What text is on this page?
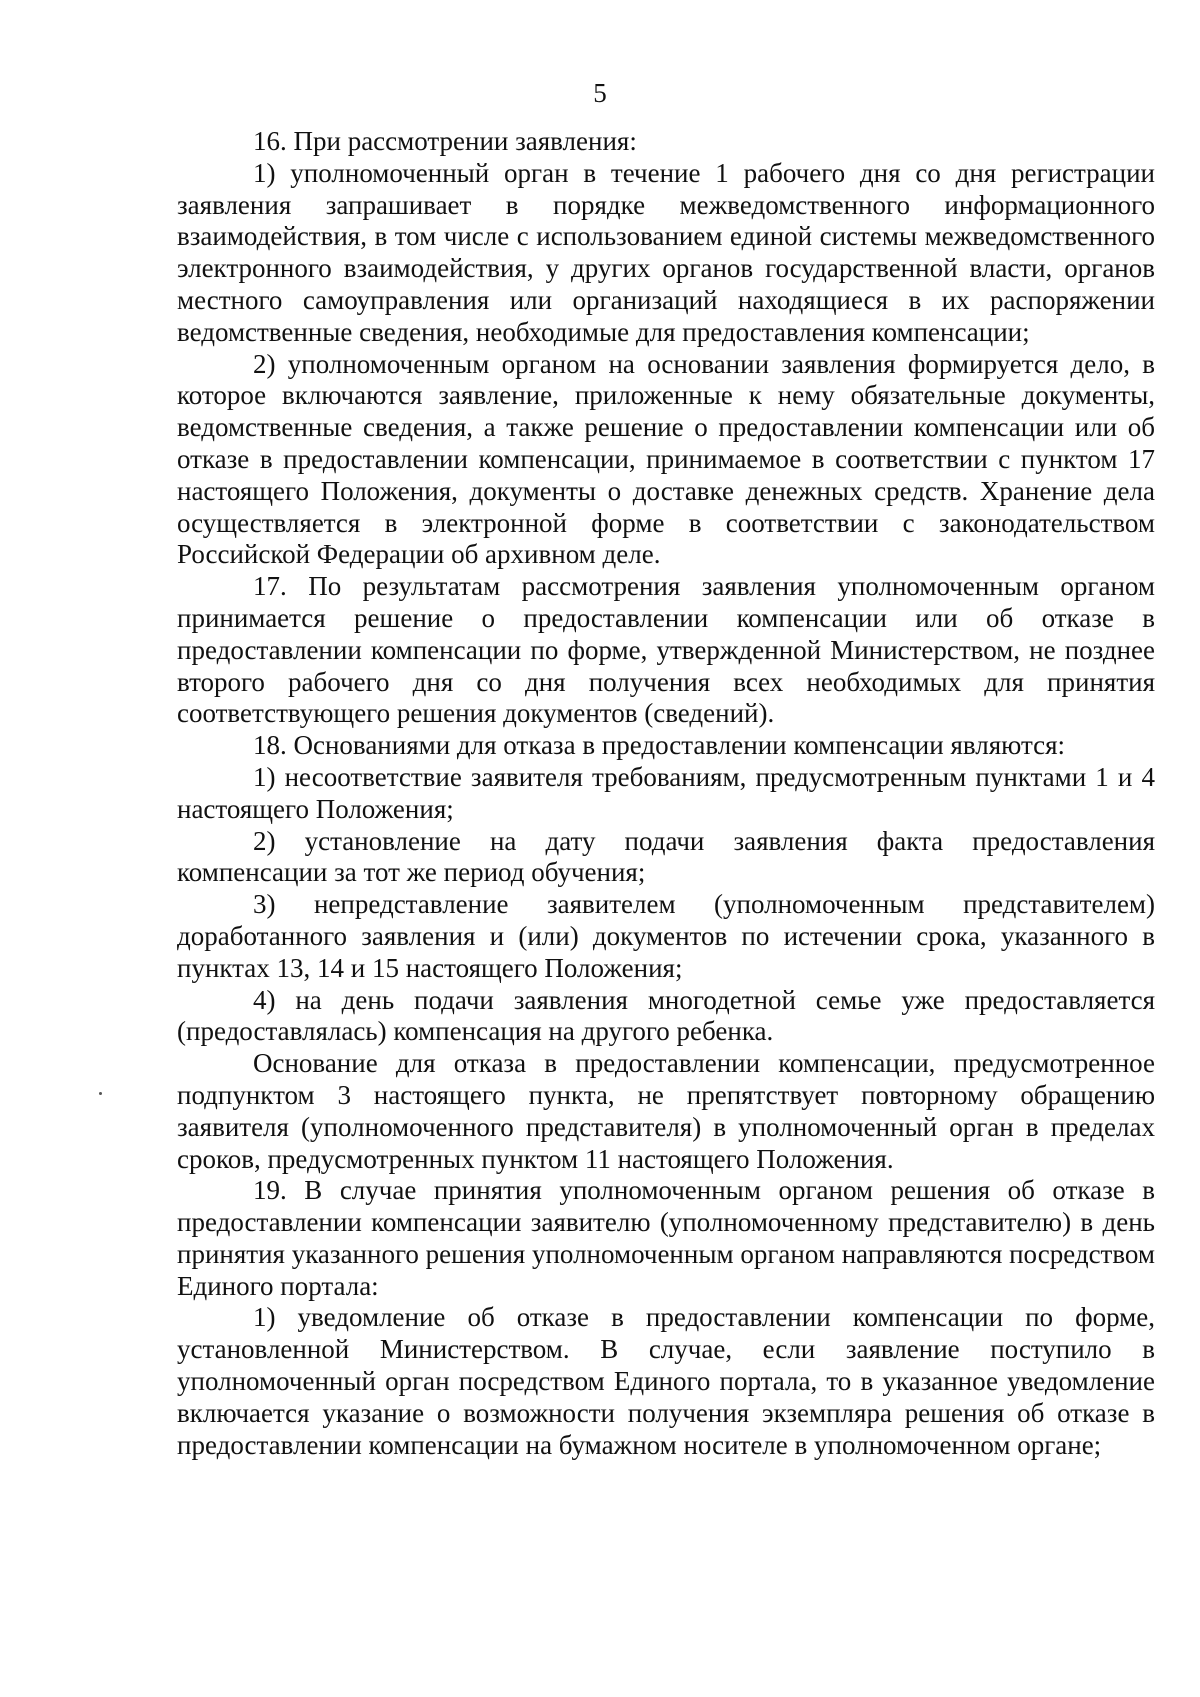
5

16. При рассмотрении заявления:

1) уполномоченный орган в течение 1 рабочего дня со дня регистрации заявления запрашивает в порядке межведомственного информационного взаимодействия, в том числе с использованием единой системы межведомственного электронного взаимодействия, у других органов государственной власти, органов местного самоуправления или организаций находящиеся в их распоряжении ведомственные сведения, необходимые для предоставления компенсации;

2) уполномоченным органом на основании заявления формируется дело, в которое включаются заявление, приложенные к нему обязательные документы, ведомственные сведения, а также решение о предоставлении компенсации или об отказе в предоставлении компенсации, принимаемое в соответствии с пунктом 17 настоящего Положения, документы о доставке денежных средств. Хранение дела осуществляется в электронной форме в соответствии с законодательством Российской Федерации об архивном деле.

17. По результатам рассмотрения заявления уполномоченным органом принимается решение о предоставлении компенсации или об отказе в предоставлении компенсации по форме, утвержденной Министерством, не позднее второго рабочего дня со дня получения всех необходимых для принятия соответствующего решения документов (сведений).

18. Основаниями для отказа в предоставлении компенсации являются:

1) несоответствие заявителя требованиям, предусмотренным пунктами 1 и 4 настоящего Положения;

2) установление на дату подачи заявления факта предоставления компенсации за тот же период обучения;

3) непредставление заявителем (уполномоченным представителем) доработанного заявления и (или) документов по истечении срока, указанного в пунктах 13, 14 и 15 настоящего Положения;

4) на день подачи заявления многодетной семье уже предоставляется (предоставлялась) компенсация на другого ребенка.

Основание для отказа в предоставлении компенсации, предусмотренное подпунктом 3 настоящего пункта, не препятствует повторному обращению заявителя (уполномоченного представителя) в уполномоченный орган в пределах сроков, предусмотренных пунктом 11 настоящего Положения.

19. В случае принятия уполномоченным органом решения об отказе в предоставлении компенсации заявителю (уполномоченному представителю) в день принятия указанного решения уполномоченным органом направляются посредством Единого портала:

1) уведомление об отказе в предоставлении компенсации по форме, установленной Министерством. В случае, если заявление поступило в уполномоченный орган посредством Единого портала, то в указанное уведомление включается указание о возможности получения экземпляра решения об отказе в предоставлении компенсации на бумажном носителе в уполномоченном органе;
